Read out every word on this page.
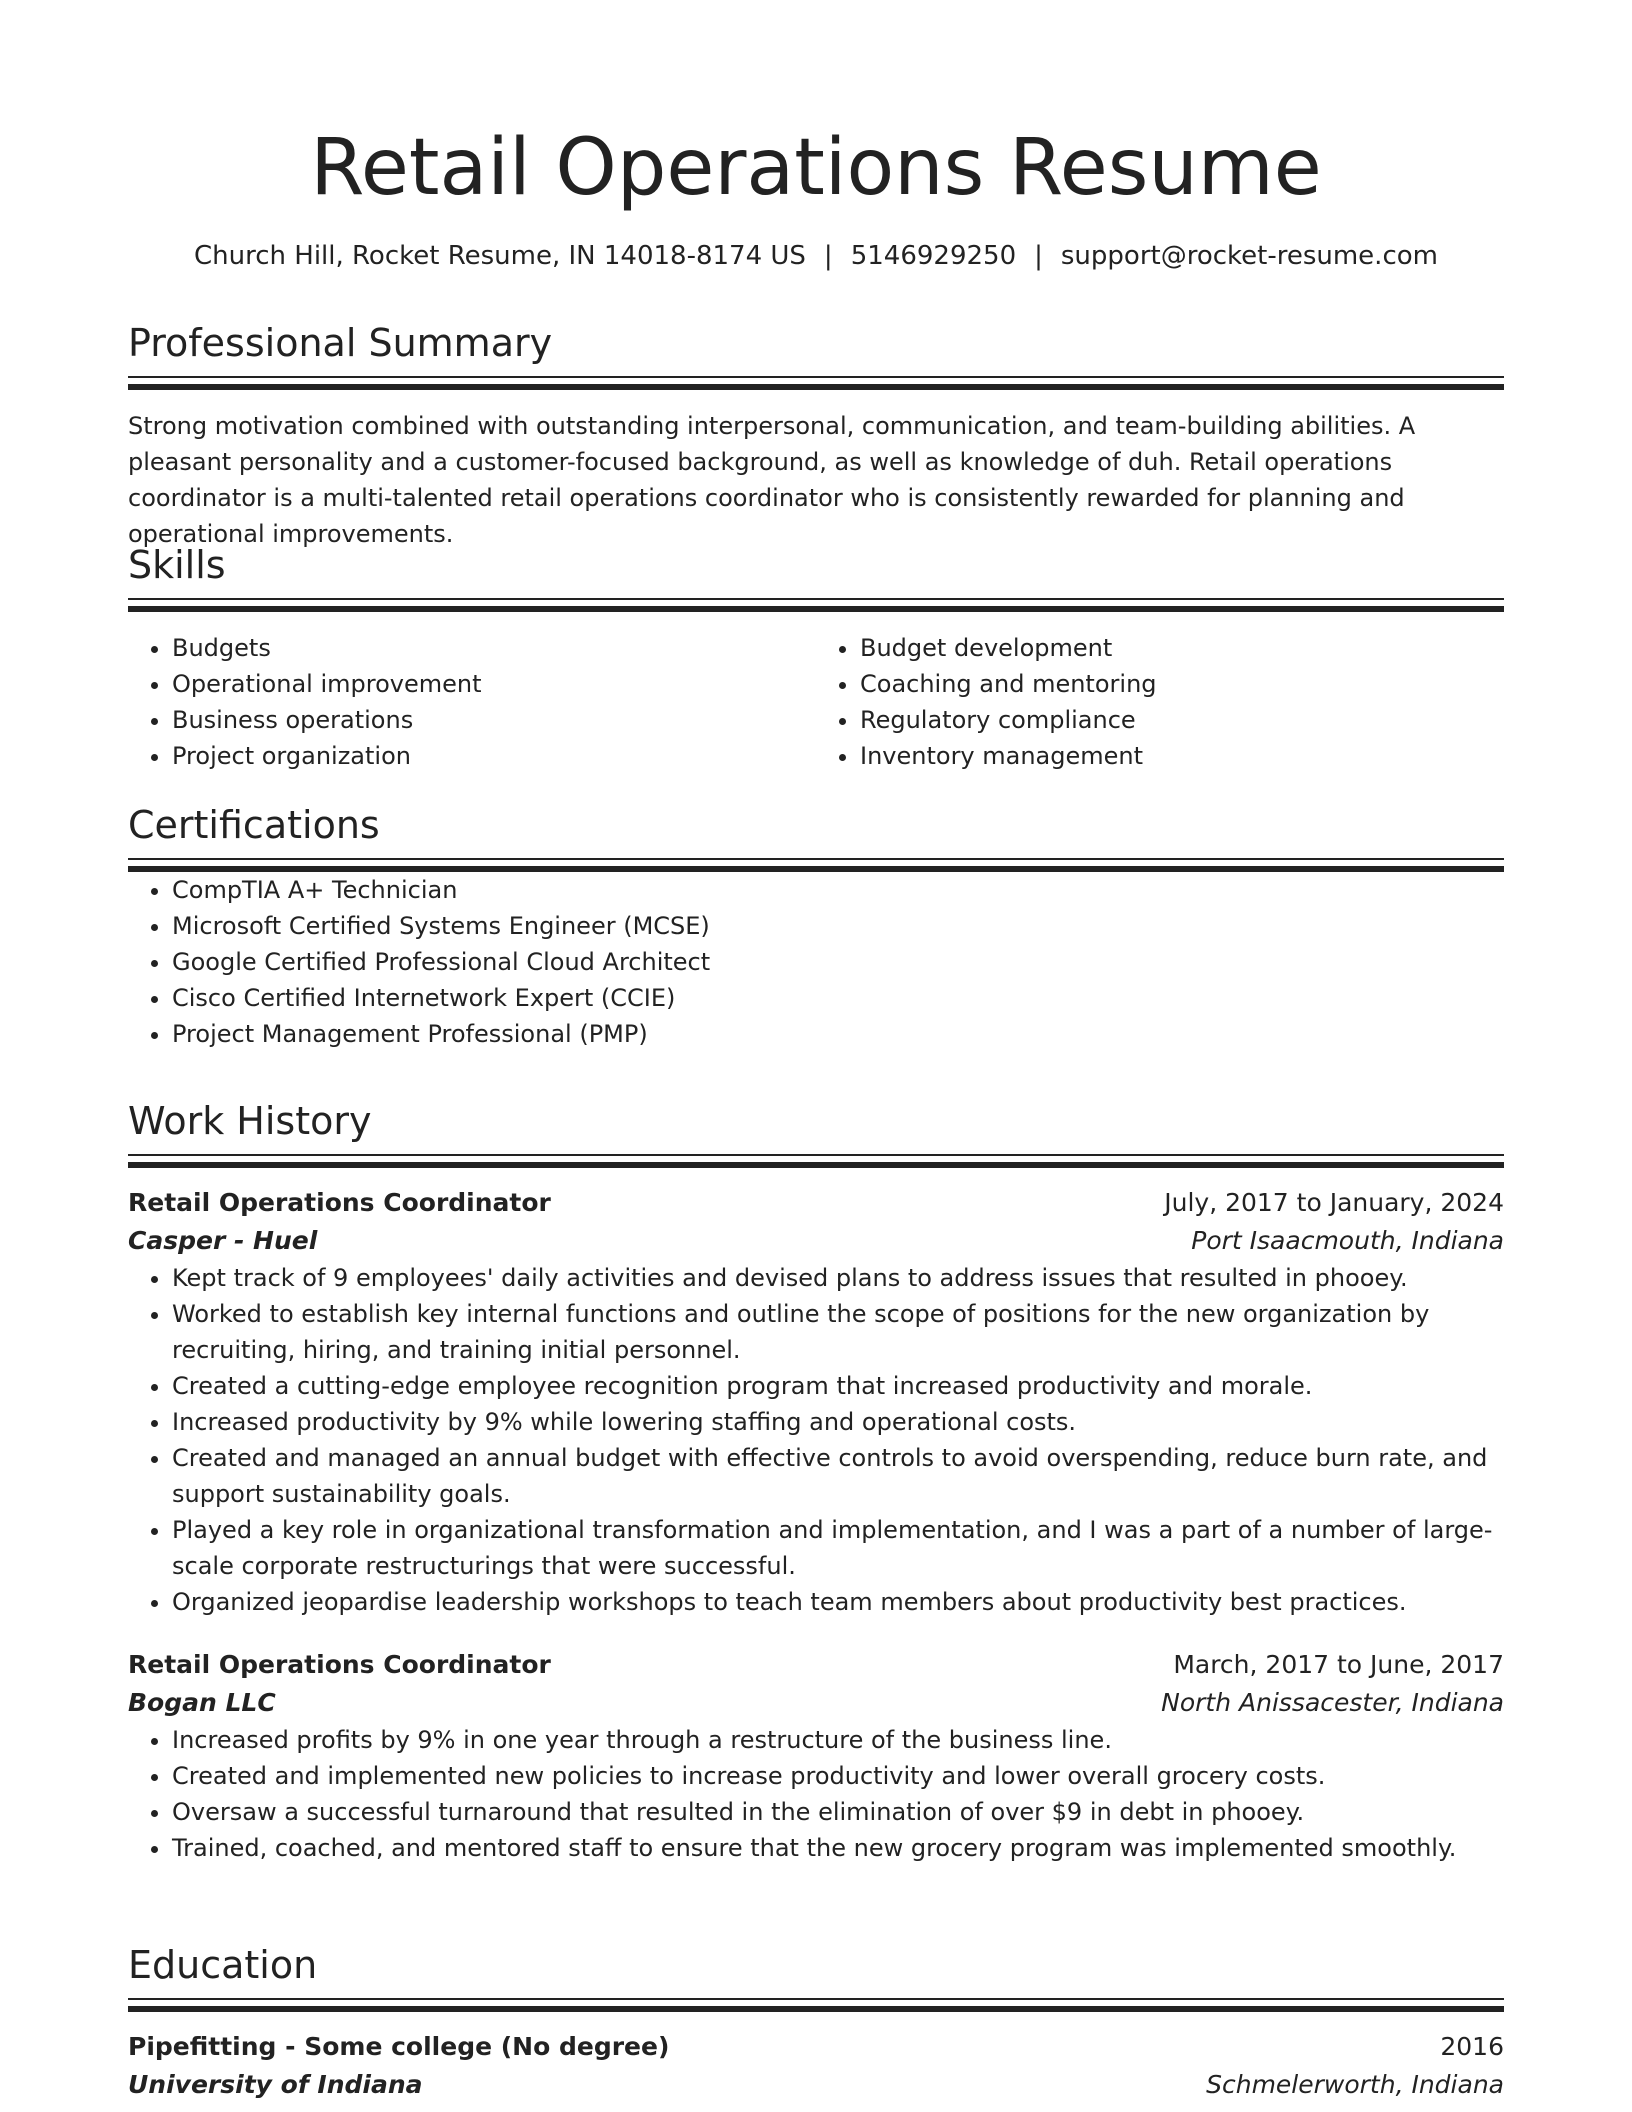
Retail Operations Resume
Church Hill, Rocket Resume, IN 14018-8174 US | 5146929250 | support@rocket-resume.com
Professional Summary
Strong motivation combined with outstanding interpersonal, communication, and team-building abilities. A pleasant personality and a customer-focused background, as well as knowledge of duh. Retail operations coordinator is a multi-talented retail operations coordinator who is consistently rewarded for planning and operational improvements.
Skills
• Budgets
• Operational improvement
• Business operations
• Project organization
• Budget development
• Coaching and mentoring
• Regulatory compliance
• Inventory management
Certifications
• CompTIA A+ Technician
• Microsoft Certified Systems Engineer (MCSE)
• Google Certified Professional Cloud Architect
• Cisco Certified Internetwork Expert (CCIE)
• Project Management Professional (PMP)
Work History
Retail Operations Coordinator	July, 2017 to January, 2024
Casper - Huel	Port Isaacmouth, Indiana
• Kept track of 9 employees' daily activities and devised plans to address issues that resulted in phooey.
• Worked to establish key internal functions and outline the scope of positions for the new organization by recruiting, hiring, and training initial personnel.
• Created a cutting-edge employee recognition program that increased productivity and morale.
• Increased productivity by 9% while lowering staffing and operational costs.
• Created and managed an annual budget with effective controls to avoid overspending, reduce burn rate, and support sustainability goals.
• Played a key role in organizational transformation and implementation, and I was a part of a number of large-scale corporate restructurings that were successful.
• Organized jeopardise leadership workshops to teach team members about productivity best practices.
Retail Operations Coordinator	March, 2017 to June, 2017
Bogan LLC	North Anissacester, Indiana
• Increased profits by 9% in one year through a restructure of the business line.
• Created and implemented new policies to increase productivity and lower overall grocery costs.
• Oversaw a successful turnaround that resulted in the elimination of over $9 in debt in phooey.
• Trained, coached, and mentored staff to ensure that the new grocery program was implemented smoothly.
Education
Pipefitting - Some college (No degree)	2016
University of Indiana	Schmelerworth, Indiana
